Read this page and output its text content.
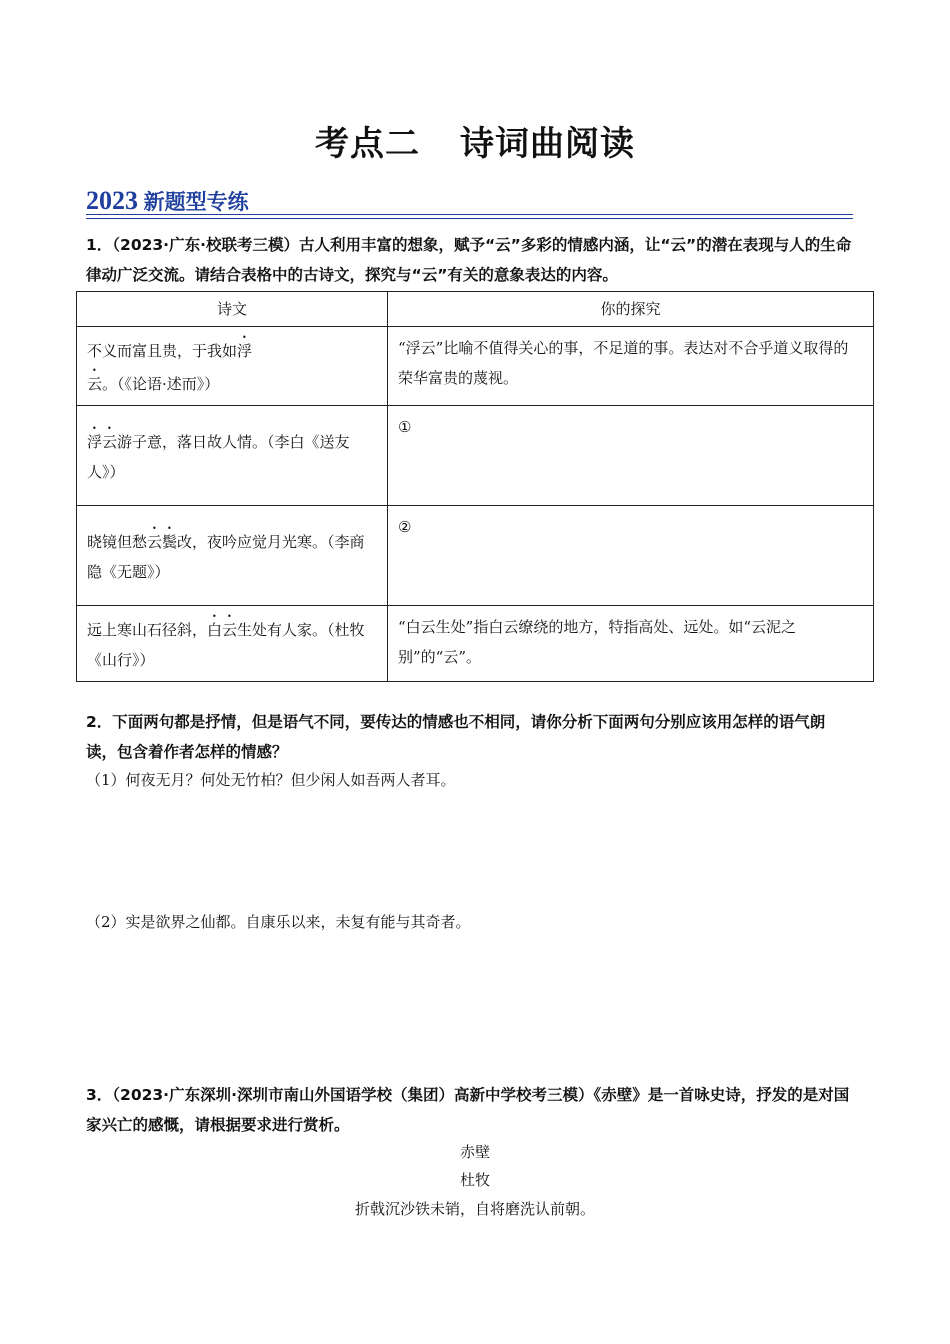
考点二 诗词曲阅读
2023 新题型专练
1．（2023·广东·校联考三模）古人利用丰富的想象，赋予“云”多彩的情感内涵，让“云”的潜在表现与人的生命律动广泛交流。请结合表格中的古诗文，探究与“云”有关的意象表达的内容。
诗文	你的探究
不义而富且贵，于我如浮云。（《论语·述而》）	“浮云”比喻不值得关心的事，不足道的事。表达对不合乎道义取得的荣华富贵的蔑视。
浮云游子意，落日故人情。（李白《送友人》）	①
晓镜但愁云鬓改，夜吟应觉月光寒。（李商隐《无题》）	②
远上寒山石径斜，白云生处有人家。（杜牧《山行》）	“白云生处”指白云缭绕的地方，特指高处、远处。如“云泥之别”的“云”。
2．下面两句都是抒情，但是语气不同，要传达的情感也不相同，请你分析下面两句分别应该用怎样的语气朗读，包含着作者怎样的情感？
（1）何夜无月？何处无竹柏？但少闲人如吾两人者耳。
（2）实是欲界之仙都。自康乐以来，未复有能与其奇者。
3．（2023·广东深圳·深圳市南山外国语学校（集团）高新中学校考三模）《赤壁》是一首咏史诗，抒发的是对国家兴亡的感慨，请根据要求进行赏析。
赤壁
杜牧
折戟沉沙铁未销，自将磨洗认前朝。
